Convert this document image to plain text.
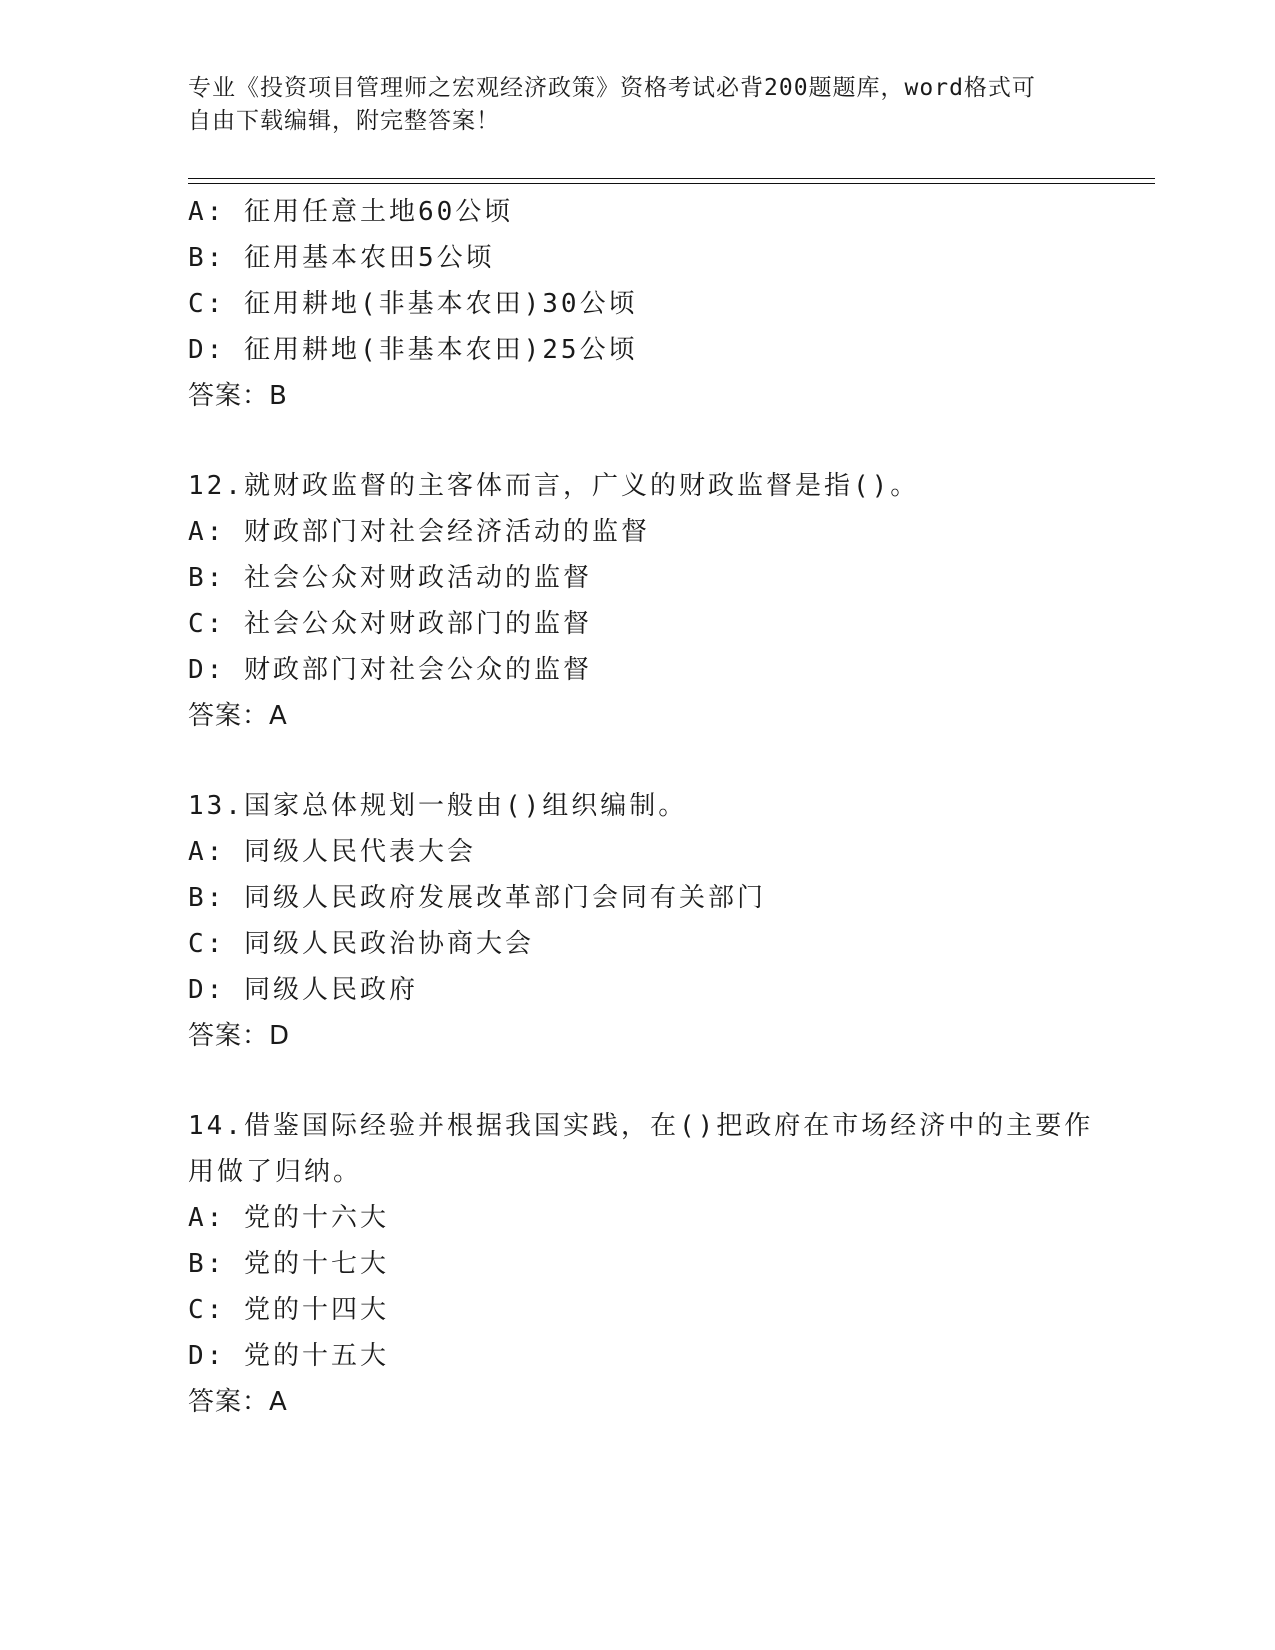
专业《投资项目管理师之宏观经济政策》资格考试必背200题题库，word格式可
自由下载编辑，附完整答案！
A: 征用任意土地60公顷
B: 征用基本农田5公顷
C: 征用耕地(非基本农田)30公顷
D: 征用耕地(非基本农田)25公顷
答案：B
12.就财政监督的主客体而言，广义的财政监督是指()。
A: 财政部门对社会经济活动的监督
B: 社会公众对财政活动的监督
C: 社会公众对财政部门的监督
D: 财政部门对社会公众的监督
答案：A
13.国家总体规划一般由()组织编制。
A: 同级人民代表大会
B: 同级人民政府发展改革部门会同有关部门
C: 同级人民政治协商大会
D: 同级人民政府
答案：D
14.借鉴国际经验并根据我国实践，在()把政府在市场经济中的主要作
用做了归纳。
A: 党的十六大
B: 党的十七大
C: 党的十四大
D: 党的十五大
答案：A
